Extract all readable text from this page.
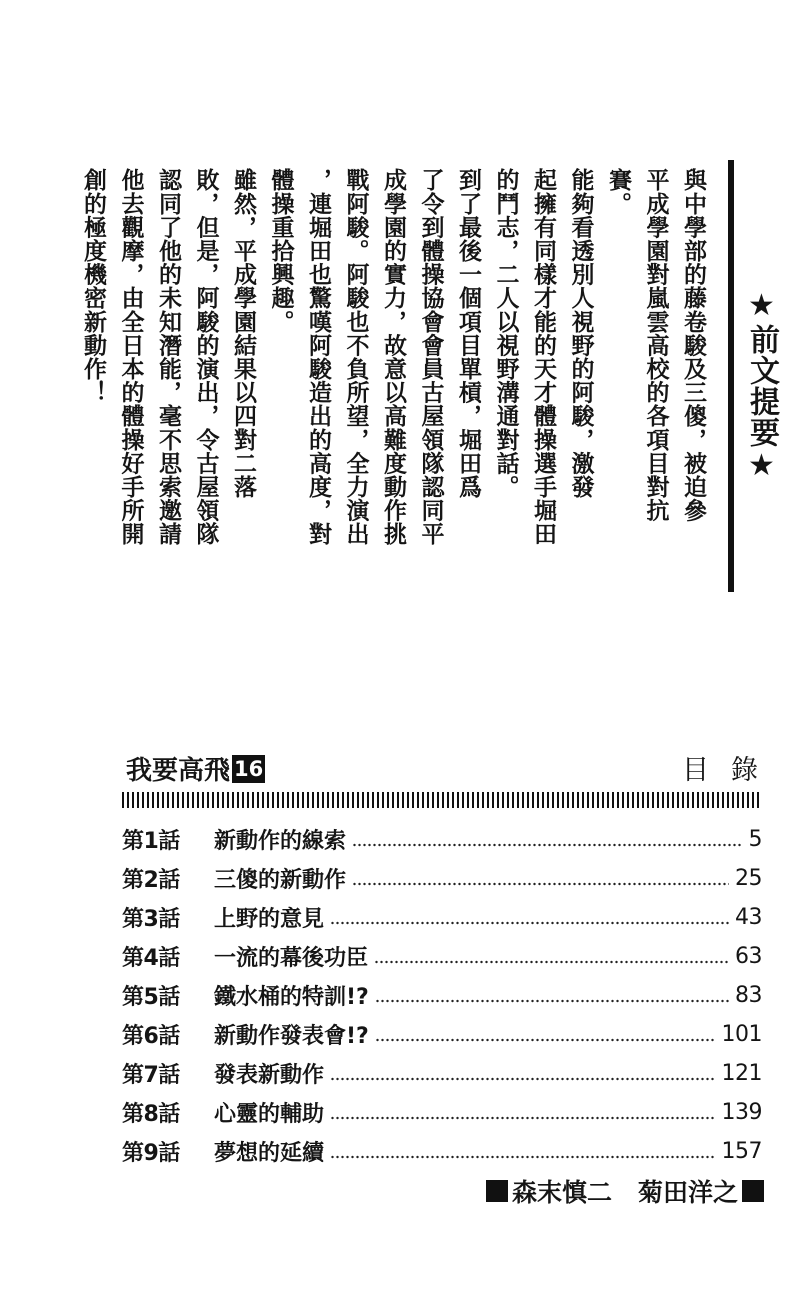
★前文提要★

與中學部的藤卷駿及三傻，被迫參

平成學園對嵐雲高校的各項目對抗

賽。

能夠看透別人視野的阿駿，激發

起擁有同樣才能的天才體操選手堀田

的鬥志，二人以視野溝通對話。

到了最後一個項目單槓，堀田爲

了令到體操協會會員古屋領隊認同平

成學園的實力，故意以高難度動作挑

戰阿駿。阿駿也不負所望，全力演出

，連堀田也驚嘆阿駿造出的高度，對

體操重拾興趣。

雖然，平成學園結果以四對二落

敗，但是，阿駿的演出，令古屋領隊

認同了他的未知潛能，毫不思索邀請

他去觀摩，由全日本的體操好手所開

創的極度機密新動作！

我要高飛 16	目錄
第1話	新動作的線索	5
第2話	三傻的新動作	25
第3話	上野的意見	43
第4話	一流的幕後功臣	63
第5話	鐵水桶的特訓!?	83
第6話	新動作發表會!?	101
第7話	發表新動作	121
第8話	心靈的輔助	139
第9話	夢想的延續	157
森末慎二 菊田洋之
